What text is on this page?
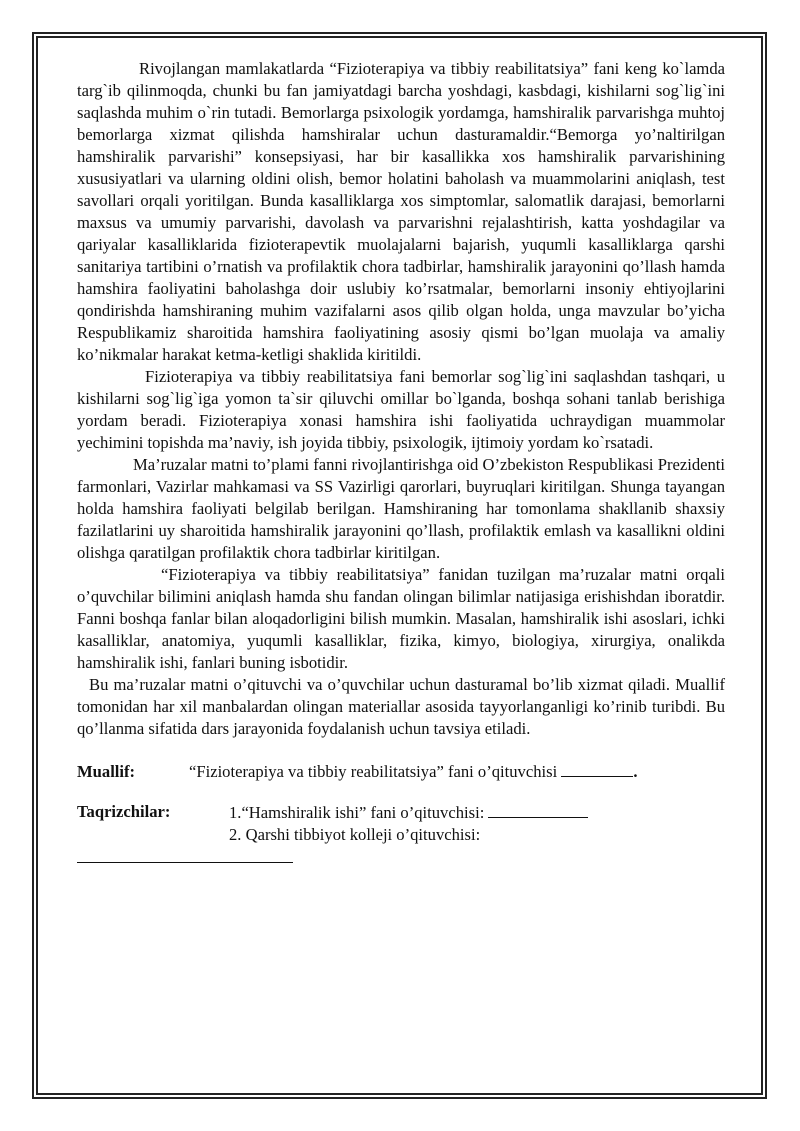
Rivojlangan mamlakatlarda “Fizioterapiya va tibbiy reabilitatsiya” fani keng ko`lamda targ`ib qilinmoqda, chunki bu fan jamiyatdagi barcha yoshdagi, kasbdagi, kishilarni sog`lig`ini saqlashda muhim o`rin tutadi. Bemorlarga psixologik yordamga, hamshiralik parvarishga muhtoj bemorlarga xizmat qilishda hamshiralar uchun dasturamaldir.“Bemorga yo’naltirilgan hamshiralik parvarishi” konsepsiyasi, har bir kasallikka xos hamshiralik parvarishining xususiyatlari va ularning oldini olish, bemor holatini baholash va muammolarini aniqlash, test savollari orqali yoritilgan. Bunda kasalliklarga xos simptomlar, salomatlik darajasi, bemorlarni maxsus va umumiy parvarishi, davolash va parvarishni rejalashtirish, katta yoshdagilar va qariyalar kasalliklarida fizioterapevtik muolajalarni bajarish, yuqumli kasalliklarga qarshi sanitariya tartibini o’rnatish va profilaktik chora tadbirlar, hamshiralik jarayonini qo’llash hamda hamshira faoliyatini baholashga doir uslubiy ko’rsatmalar, bemorlarni insoniy ehtiyojlarini qondirishda hamshiraning muhim vazifalarni asos qilib olgan holda, unga mavzular bo’yicha Respublikamiz sharoitida hamshira faoliyatining asosiy qismi bo’lgan muolaja va amaliy ko’nikmalar harakat ketma-ketligi shaklida kiritildi.

Fizioterapiya va tibbiy reabilitatsiya fani bemorlar sog`lig`ini saqlashdan tashqari, u kishilarni sog`lig`iga yomon ta`sir qiluvchi omillar bo`lganda, boshqa sohani tanlab berishiga yordam beradi. Fizioterapiya xonasi hamshira ishi faoliyatida uchraydigan muammolar yechimini topishda ma’naviy, ish joyida tibbiy, psixologik, ijtimoiy yordam ko`rsatadi.

Ma’ruzalar matni to’plami fanni rivojlantirishga oid O’zbekiston Respublikasi Prezidenti farmonlari, Vazirlar mahkamasi va SS Vazirligi qarorlari, buyruqlari kiritilgan. Shunga tayangan holda hamshira faoliyati belgilab berilgan. Hamshiraning har tomonlama shakllanib shaxsiy fazilatlarini uy sharoitida hamshiralik jarayonini qo’llash, profilaktik emlash va kasallikni oldini olishga qaratilgan profilaktik chora tadbirlar kiritilgan.

“Fizioterapiya va tibbiy reabilitatsiya” fanidan tuzilgan ma’ruzalar matni orqali o’quvchilar bilimini aniqlash hamda shu fandan olingan bilimlar natijasiga erishishdan iboratdir. Fanni boshqa fanlar bilan aloqadorligini bilish mumkin. Masalan, hamshiralik ishi asoslari, ichki kasalliklar, anatomiya, yuqumli kasalliklar, fizika, kimyo, biologiya, xirurgiya, onalikda hamshiralik ishi, fanlari buning isbotidir.

Bu ma’ruzalar matni o’qituvchi va o’quvchilar uchun dasturamal bo’lib xizmat qiladi. Muallif tomonidan har xil manbalardan olingan materiallar asosida tayyorlanganligi ko’rinib turibdi. Bu qo’llanma sifatida dars jarayonida foydalanish uchun tavsiya etiladi.

Muallif:	“Fizioterapiya va tibbiy reabilitatsiya” fani o’qituvchisi	.
Taqrizchilar:	1.“Hamshiralik ishi” fani o’qituvchisi:
2. Qarshi tibbiyot kolleji o’qituvchisi:
